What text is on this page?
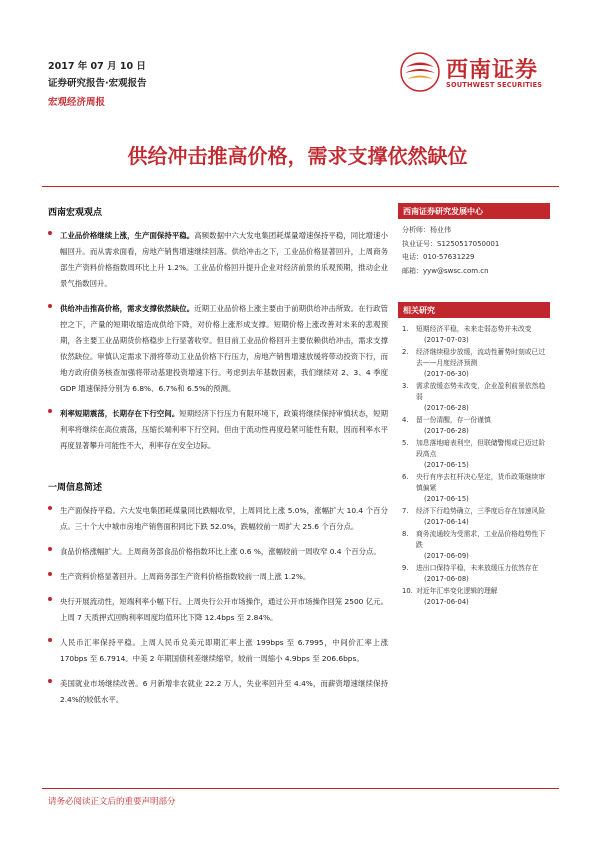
2017 年 07 月 10 日
证券研究报告·宏观报告
宏观经济周报
西南证券
SOUTHWEST SECURITIES
供给冲击推高价格，需求支撑依然缺位
西南宏观观点
工业品价格继续上涨，生产面保持平稳。高频数据中六大发电集团耗煤量增速保持平稳，同比增速小幅回升。而从需求面看，房地产销售增速继续回落。供给冲击之下，工业品价格显著回升，上周商务部生产资料价格指数周环比上升 1.2%。工业品价格回升提升企业对经济前景的乐观预期，推动企业景气指数回升。
供给冲击推高价格，需求支撑依然缺位。近期工业品价格上涨主要由于前期供给冲击所致。在行政管控之下，产量的短期收缩造成供给下降，对价格上涨形成支撑。短期价格上涨改善对未来的悲观预期，各主要工业品期货价格稳步上行显著收窄。但目前工业品价格回升主要依赖供给冲击，需求支撑依然缺位。审慎认定需求下滑将带动工业品价格下行压力，房地产销售增速放缓将带动投资下行，而地方政府债务核查加强将带动基建投资增速下行。考虑到去年基数因素，我们继续对 2、3、4 季度 GDP 增速保持分别为 6.8%、6.7%和 6.5%的预测。
利率短期震荡，长期存在下行空间。短期经济下行压力有限环境下，政策将继续保持审慎状态，短期利率将继续在高位震荡，压缩长端利率下行空间。但由于流动性再度趋紧可能性有限，因而利率水平再度显著攀升可能性不大，利率存在安全边际。
一周信息简述
生产面保持平稳。六大发电集团耗煤量同比跌幅收窄，上周同比上涨 5.0%，涨幅扩大 10.4 个百分点。三十个大中城市房地产销售面积同比下跌 52.0%，跌幅较前一周扩大 25.6 个百分点。
食品价格涨幅扩大。上周商务部食品价格指数环比上涨 0.6 %，涨幅较前一周收窄 0.4 个百分点。
生产资料价格显著回升。上周商务部生产资料价格指数较前一周上涨 1.2%。
央行开展流动性，短端利率小幅下行。上周央行公开市场操作，通过公开市场操作回笼 2500 亿元。上周 7 天质押式回购利率周度均值环比下降 12.4bps 至 2.84%。
人民币汇率保持平稳。上周人民币兑美元即期汇率上涨 199bps 至 6.7995，中间价汇率上涨 170bps 至 6.7914。中美 2 年期国债利差继续缩窄，较前一周缩小 4.9bps 至 206.6bps。
美国就业市场继续改善。6 月新增非农就业 22.2 万人，失业率回升至 4.4%，而薪资增速继续保持 2.4%的较低水平。
西南证券研究发展中心
分析师：杨业伟
执业证号：S1250517050001
电话：010-57631229
邮箱：yyw@swsc.com.cn
相关研究
1.	短期经济平稳，未来走弱态势并未改变
(2017-07-03)
2.	经济继续稳步放缓，流动性蓄势时刻或已过去——月度经济预测
(2017-06-30)
3.	需求放缓态势未改变，企业盈利前景依然趋弱
(2017-06-28)
4.	留一份清醒，存一份谨慎
(2017-06-28)
5.	加息落地暗表利空，但联储警惕或已迈过阶段高点
(2017-06-15)
6.	央行有序去杠杆决心坚定，货币政策继续审慎偏紧
(2017-06-15)
7.	经济下行趋势确立，三季度后存在加速风险
(2017-06-14)
8.	商务流通较为受需求，工业品价格趋势性下跌
(2017-06-09)
9.	进出口保持平稳，未来放缓压力依然存在
(2017-06-08)
10. 对近年汇率变化逻辑的理解
(2017-06-04)
请务必阅读正文后的重要声明部分
